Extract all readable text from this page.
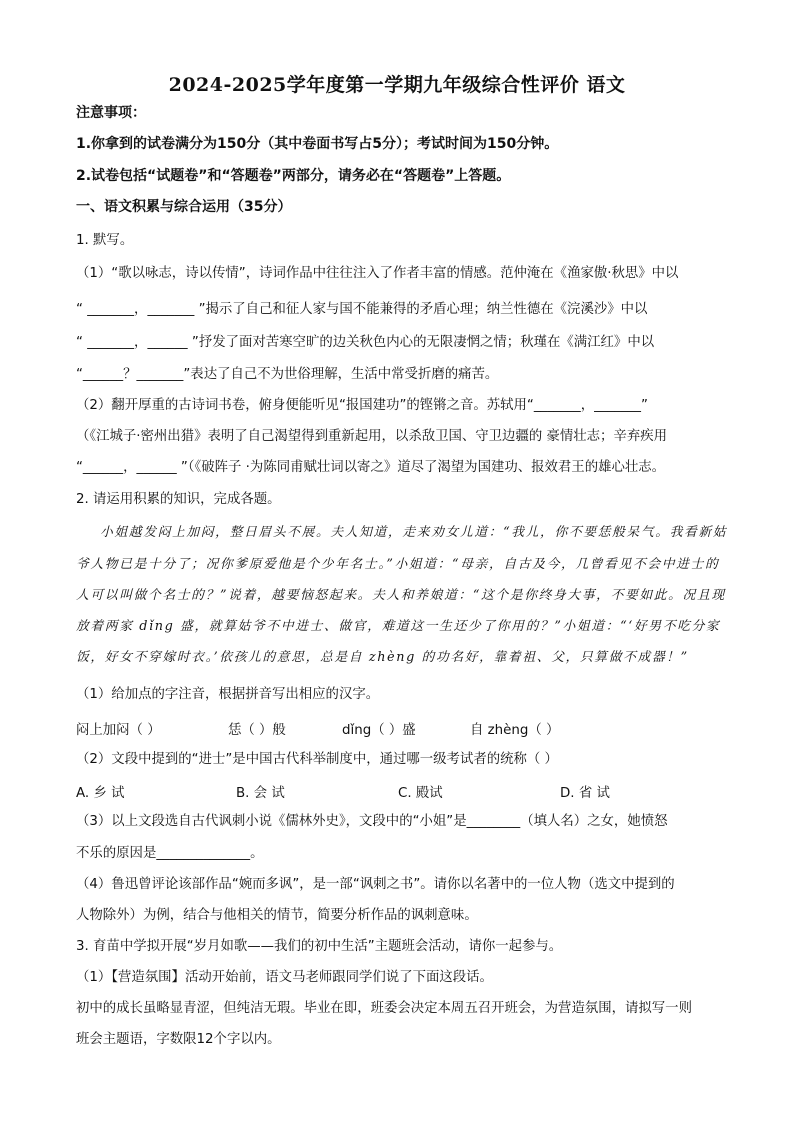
2024-2025学年度第一学期九年级综合性评价 语文
注意事项：
1.你拿到的试卷满分为150分（其中卷面书写占5分）；考试时间为150分钟。
2.试卷包括“试题卷”和“答题卷”两部分，请务必在“答题卷”上答题。
一、语文积累与综合运用（35分）
1. 默写。
（1）“歌以咏志，诗以传情”，诗词作品中往往注入了作者丰富的情感。范仲淹在《渔家傲·秋思》中以
“ _______，_______ ”揭示了自己和征人家与国不能兼得的矛盾心理；纳兰性德在《浣溪沙》中以
“ _______，______ ”抒发了面对苦寒空旷的边关秋色内心的无限凄惘之情；秋瑾在《满江红》中以
“______？_______”表达了自己不为世俗理解，生活中常受折磨的痛苦。
（2）翻开厚重的古诗词书卷，俯身便能听见“报国建功”的铿锵之音。苏轼用“_______，_______”
（《江城子·密州出猎》表明了自己渴望得到重新起用，以杀敌卫国、守卫边疆的 豪情壮志；辛弃疾用
“______，______ ”（《破阵子 ·为陈同甫赋壮词以寄之》道尽了渴望为国建功、报效君王的雄心壮志。
2. 请运用积累的知识，完成各题。
小姐越发闷上加闷，整日眉头不展。夫人知道，走来劝女儿道：“我儿，你不要恁般呆气。我看新姑
爷人物已是十分了；况你爹原爱他是个少年名士。”小姐道：“母亲，自古及今，几曾看见不会中进士的
人可以叫做个名士的？”说着，越要恼怒起来。夫人和养娘道：“这个是你终身大事，不要如此。况且现
放着两家 dǐng 盛，就算姑爷不中进士、做官，难道这一生还少了你用的？”小姐道：“‘好男不吃分家
饭，好女不穿嫁时衣。’依孩儿的意思，总是自 zhèng 的功名好，靠着祖、父，只算做不成器！”
（1）给加点的字注音，根据拼音写出相应的汉字。
闷上加闷（ ）	恁（ ）般	dǐng（ ）盛	自 zhèng（ ）
（2）文段中提到的“进士”是中国古代科举制度中，通过哪一级考试者的统称（ ）
A. 乡 试	B. 会 试	C. 殿试	D. 省 试
（3）以上文段选自古代讽刺小说《儒林外史》，文段中的“小姐”是________（填人名）之女，她愤怒
不乐的原因是______________。
（4）鲁迅曾评论该部作品“婉而多讽”，是一部“讽刺之书”。请你以名著中的一位人物（选文中提到的
人物除外）为例，结合与他相关的情节，简要分析作品的讽刺意味。
3. 育苗中学拟开展“岁月如歌——我们的初中生活”主题班会活动，请你一起参与。
（1）【营造氛围】活动开始前，语文马老师跟同学们说了下面这段话。
初中的成长虽略显青涩，但纯洁无瑕。毕业在即，班委会决定本周五召开班会，为营造氛围，请拟写一则
班会主题语，字数限12个字以内。
